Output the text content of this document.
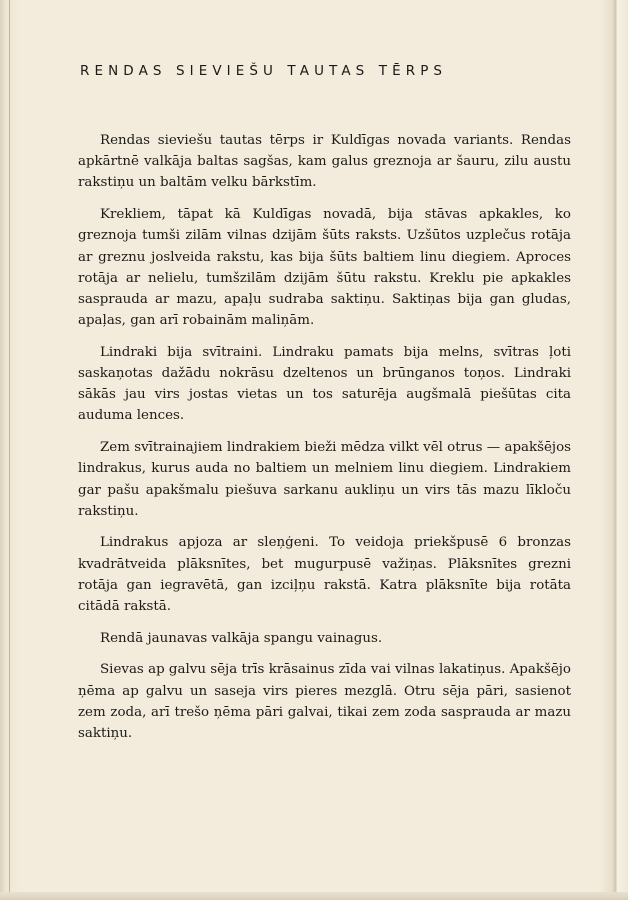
RENDAS SIEVIEŠU TAUTAS TĒRPS

Rendas sieviešu tautas tērps ir Kuldīgas novada variants. Rendas apkārtnē valkāja baltas sagšas, kam galus greznoja ar šauru, zilu austu rakstiņu un baltām velku bārkstīm.

Krekliem, tāpat kā Kuldīgas novadā, bija stāvas apkakles, ko greznoja tumši zilām vilnas dzijām šūts raksts. Uzšūtos uzplečus rotāja ar greznu joslveida rakstu, kas bija šūts baltiem linu diegiem. Aproces rotāja ar nelielu, tumšzilām dzijām šūtu rakstu. Kreklu pie apkakles saspraudа ar mazu, apaļu sudraba saktiņu. Saktiņas bija gan gludas, apaļas, gan arī robainām maliņām.

Lindraki bija svītraini. Lindraku pamats bija melns, svītras ļoti saskaņotas dažādu nokrāsu dzeltenos un brūnganos toņos. Lindraki sākās jau virs jostas vietas un tos saturēja augšmalā piešūtas cita auduma lences.

Zem svītrainajiem lindrakiem bieži mēdza vilkt vēl otrus — apakšējos lindrakus, kurus auda no baltiem un melniem linu diegiem. Lindrakiem gar pašu apakšmalu piešuva sarkanu auklіņu un virs tās mazu līkloču rakstiņu.

Lindrakus apjoza ar sleņģeni. To veidoja priekšpusē 6 bronzas kvadrātveida plāksnītes, bet mugurpusē važiņas. Plāksnītes grezni rotāja gan iegravētā, gan izciļņu rakstā. Katra plāksnīte bija rotāta citādā rakstā.

Rendā jaunavas valkāja spangu vainagus.

Sievas ap galvu sēja trīs krāsainus zīda vai vilnas lakatiņus. Apakšējo ņēma ap galvu un saseja virs pieres mezglā. Otru sēja pāri, sasienot zem zoda, arī trešo ņēma pāri galvai, tikai zem zoda saspraudа ar mazu saktiņu.
